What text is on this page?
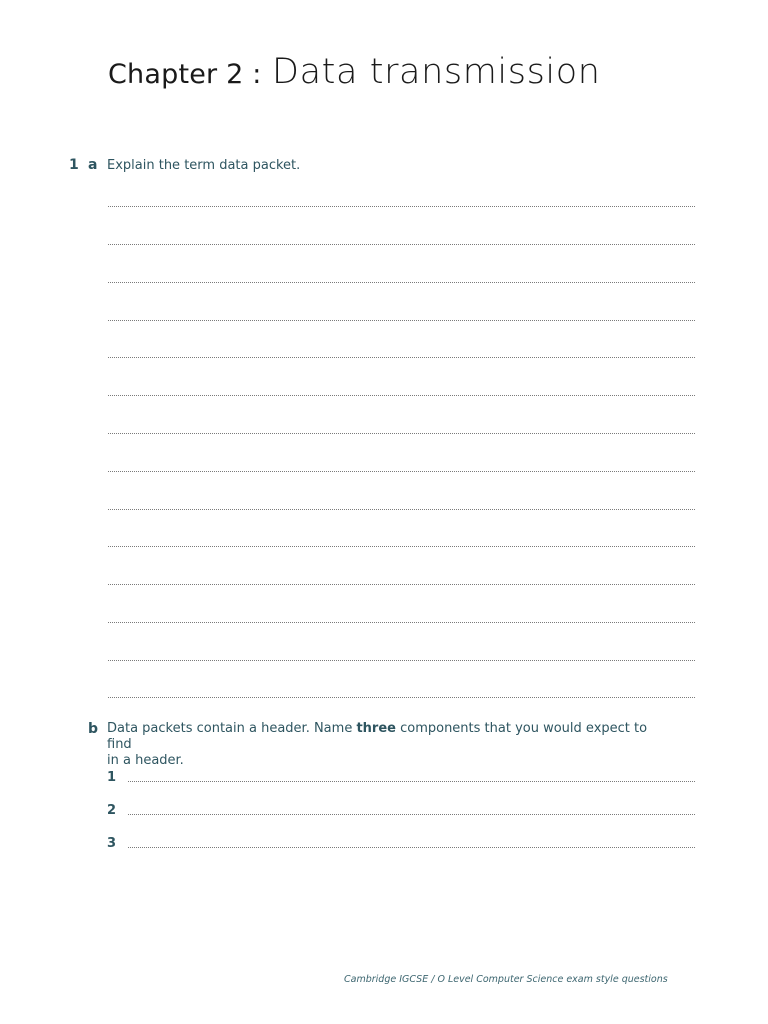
Chapter 2 : Data transmission
1 a Explain the term data packet.
b Data packets contain a header. Name three components that you would expect to find
in a header.
1
2
3
Cambridge IGCSE / O Level Computer Science exam style questions
